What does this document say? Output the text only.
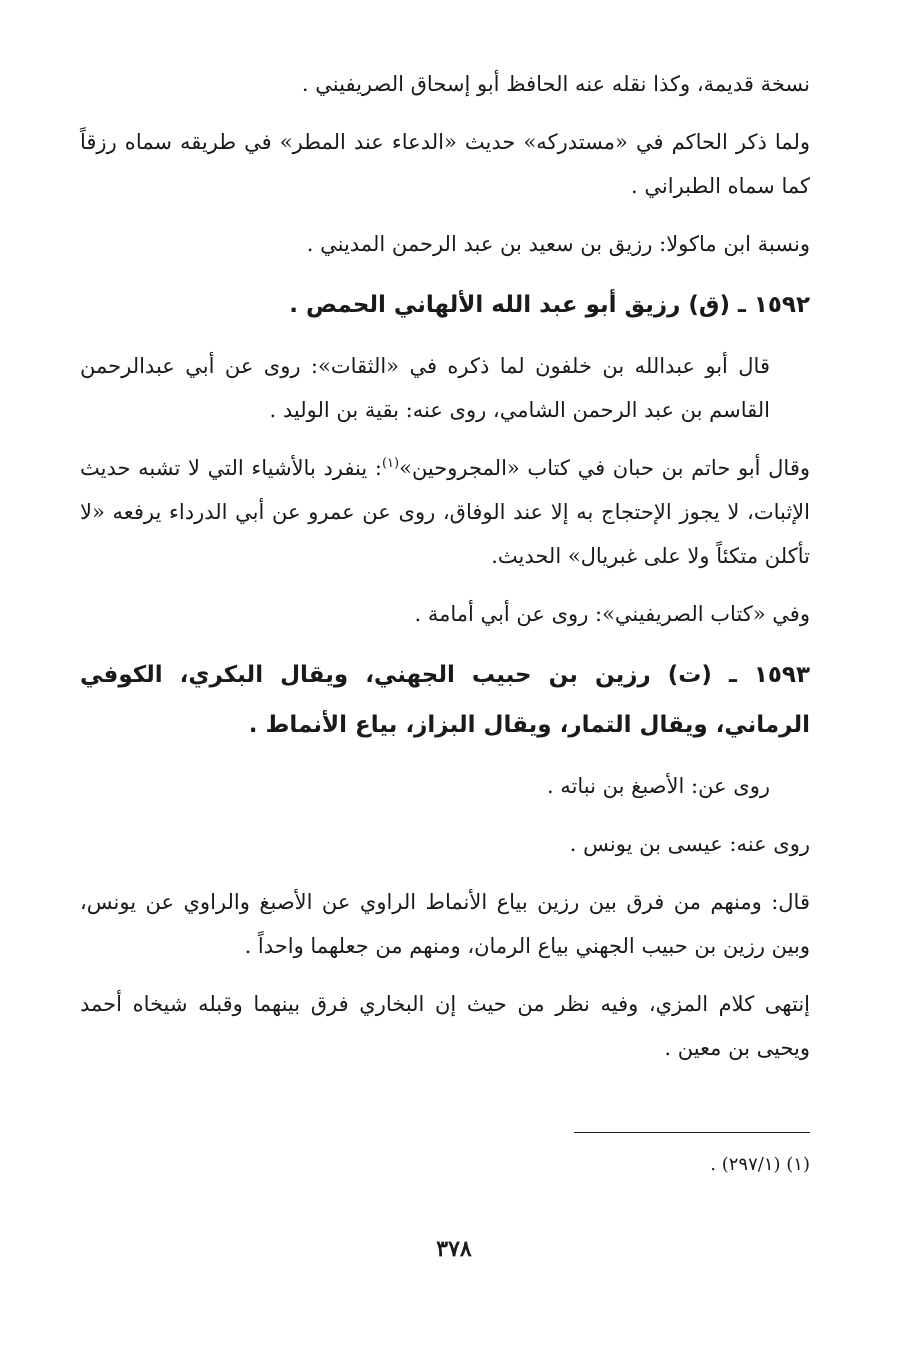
نسخة قديمة، وكذا نقله عنه الحافظ أبو إسحاق الصريفيني .

ولما ذكر الحاكم في «مستدركه» حديث «الدعاء عند المطر» في طريقه سماه رزقاً كما سماه الطبراني .

ونسبة ابن ماكولا: رزيق بن سعيد بن عبد الرحمن المديني .

١٥٩٢ ـ (ق) رزيق أبو عبد الله الألهاني الحمص .

قال أبو عبدالله بن خلفون لما ذكره في «الثقات»: روى عن أبي عبدالرحمن القاسم بن عبد الرحمن الشامي، روى عنه: بقية بن الوليد .

وقال أبو حاتم بن حبان في كتاب «المجروحين»$^{(١)}$: ينفرد بالأشياء التي لا تشبه حديث الإثبات، لا يجوز الإحتجاج به إلا عند الوفاق، روى عن عمرو عن أبي الدرداء يرفعه «لا تأكلن متكئاً ولا على غبريال» الحديث.

وفي «كتاب الصريفيني»: روى عن أبي أمامة .

١٥٩٣ ـ (ت) رزين بن حبيب الجهني، ويقال البكري، الكوفي الرماني، ويقال التمار، ويقال البزاز، بياع الأنماط .

روى عن: الأصبغ بن نباته .

روى عنه: عيسى بن يونس .

قال: ومنهم من فرق بين رزين بياع الأنماط الراوي عن الأصبغ والراوي عن يونس، وبين رزين بن حبيب الجهني بياع الرمان، ومنهم من جعلهما واحداً .

إنتهى كلام المزي، وفيه نظر من حيث إن البخاري فرق بينهما وقبله شيخاه أحمد ويحيى بن معين .

(١) (٢٩٧/١) .
٣٧٨
